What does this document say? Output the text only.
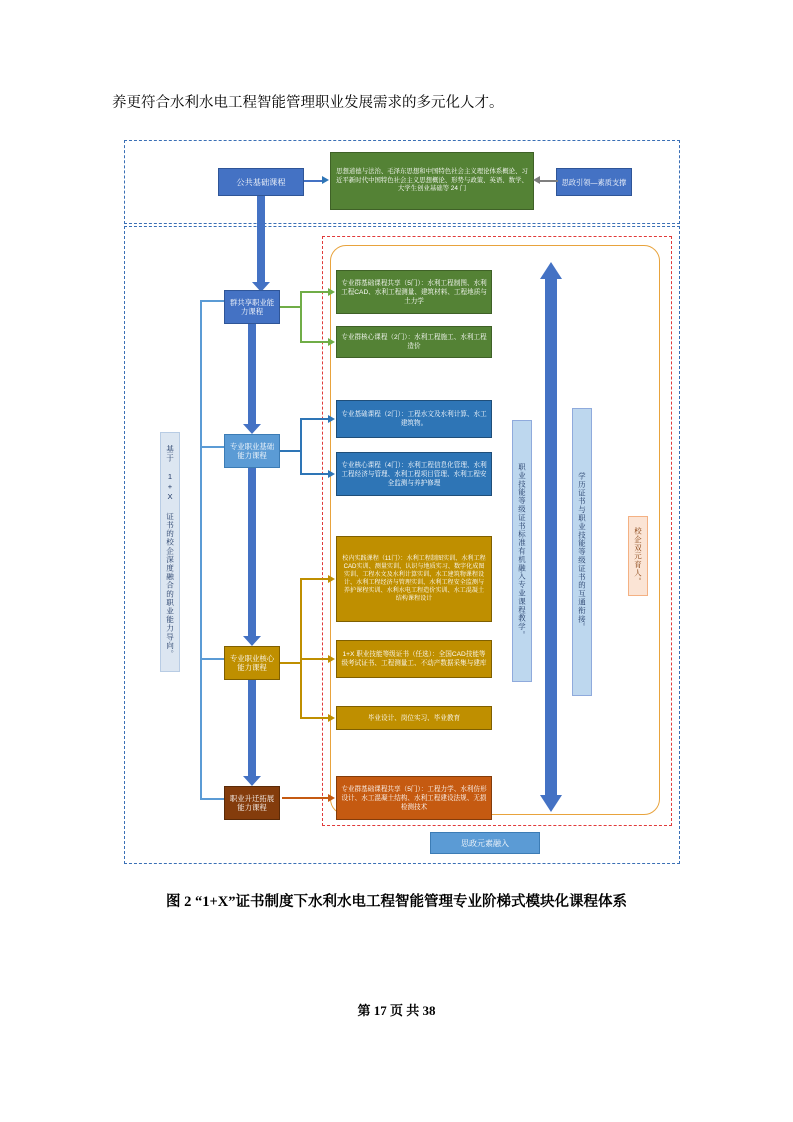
养更符合水利水电工程智能管理职业发展需求的多元化人才。
公共基础课程
思想道德与法治、毛泽东思想和中国特色社会主义理论体系概论、习近平新时代中国特色社会主义思想概论、形势与政策、英语、数学、大学生创业基础等 24 门
思政引领—素质支撑
基于 1+X 证书的校企深度融合的职业能力导向。
群共享职业能力课程
专业职业基础能力课程
专业职业核心能力课程
职业升迁拓展能力课程
专业群基础课程共享（5门）：水利工程制图、水利工程CAD、水利工程测量、建筑材料、工程地质与土力学
专业群核心课程（2门）：水利工程施工、水利工程造价
专业基础课程（2门）：工程水文及水利计算、水工建筑物。
专业核心课程（4门）：水利工程信息化管理、水利工程经济与管理、水利工程项目管理、水利工程安全监测与养护修理
校内实践课程（11门）：水利工程制图实训、水利工程CAD实训、测量实训、认识与地质实习、数字化成图实训、工程水文及水利计算实训、水工建筑物课程设计、水利工程经济与管理实训、水利工程安全监测与养护课程实训、水利水电工程造价实训、水工混凝土结构课程设计
1+X 职业技能等级证书（任选）：全国CAD技能等级考试证书、工程测量工、不动产数据采集与建库
毕业设计、岗位实习、毕业教育
专业群基础课程共享（5门）：工程力学、水利仿形设计、水工混凝土结构、水利工程建设法规、无损检测技术
职业技能等级证书标准有机融入专业课程教学。	学历证书与职业技能等级证书的互通衔接。	校企双元育人。
思政元素融入
图 2 “1+X”证书制度下水利水电工程智能管理专业阶梯式模块化课程体系
第 17 页 共 38
